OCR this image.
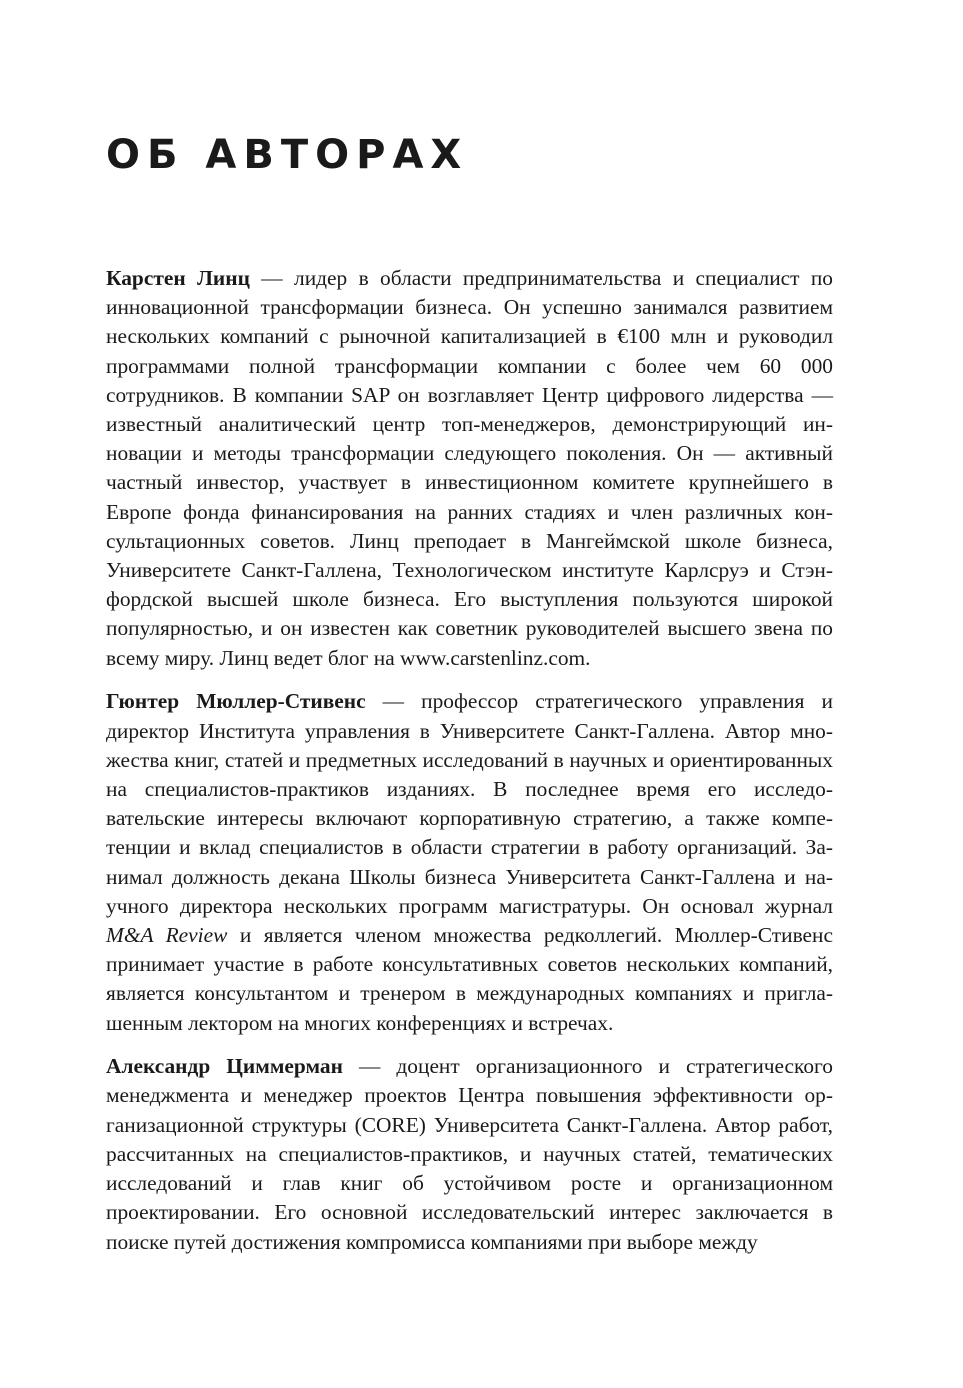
ОБ АВТОРАХ

Карстен Линц — лидер в области предпринимательства и специалист по инновационной трансформации бизнеса. Он успешно занимался развитием нескольких компаний с рыночной капитализацией в €100 млн и руководил программами полной трансформации компании с более чем 60 000 сотрудников. В компании SAP он возглавляет Центр цифрового лидерства — известный аналитический центр топ-менеджеров, демонстрирующий инновации и методы трансформации следующего поколения. Он — активный частный инвестор, участвует в инвестиционном комитете крупнейшего в Европе фонда финансирования на ранних стадиях и член различных консультационных советов. Линц преподает в Мангеймской школе бизнеса, Университете Санкт-Галлена, Технологическом институте Карлсруэ и Стэнфордской высшей школе бизнеса. Его выступления пользуются широкой популярностью, и он известен как советник руководителей высшего звена по всему миру. Линц ведет блог на www.carstenlinz.com.

Гюнтер Мюллер-Стивенс — профессор стратегического управления и директор Института управления в Университете Санкт-Галлена. Автор множества книг, статей и предметных исследований в научных и ориентированных на специалистов-практиков изданиях. В последнее время его исследовательские интересы включают корпоративную стратегию, а также компетенции и вклад специалистов в области стратегии в работу организаций. Занимал должность декана Школы бизнеса Университета Санкт-Галлена и научного директора нескольких программ магистратуры. Он основал журнал M&A Review и является членом множества редколлегий. Мюллер-Стивенс принимает участие в работе консультативных советов нескольких компаний, является консультантом и тренером в международных компаниях и приглашенным лектором на многих конференциях и встречах.

Александр Циммерман — доцент организационного и стратегического менеджмента и менеджер проектов Центра повышения эффективности организационной структуры (CORE) Университета Санкт-Галлена. Автор работ, рассчитанных на специалистов-практиков, и научных статей, тематических исследований и глав книг об устойчивом росте и организационном проектировании. Его основной исследовательский интерес заключается в поиске путей достижения компромисса компаниями при выборе между
